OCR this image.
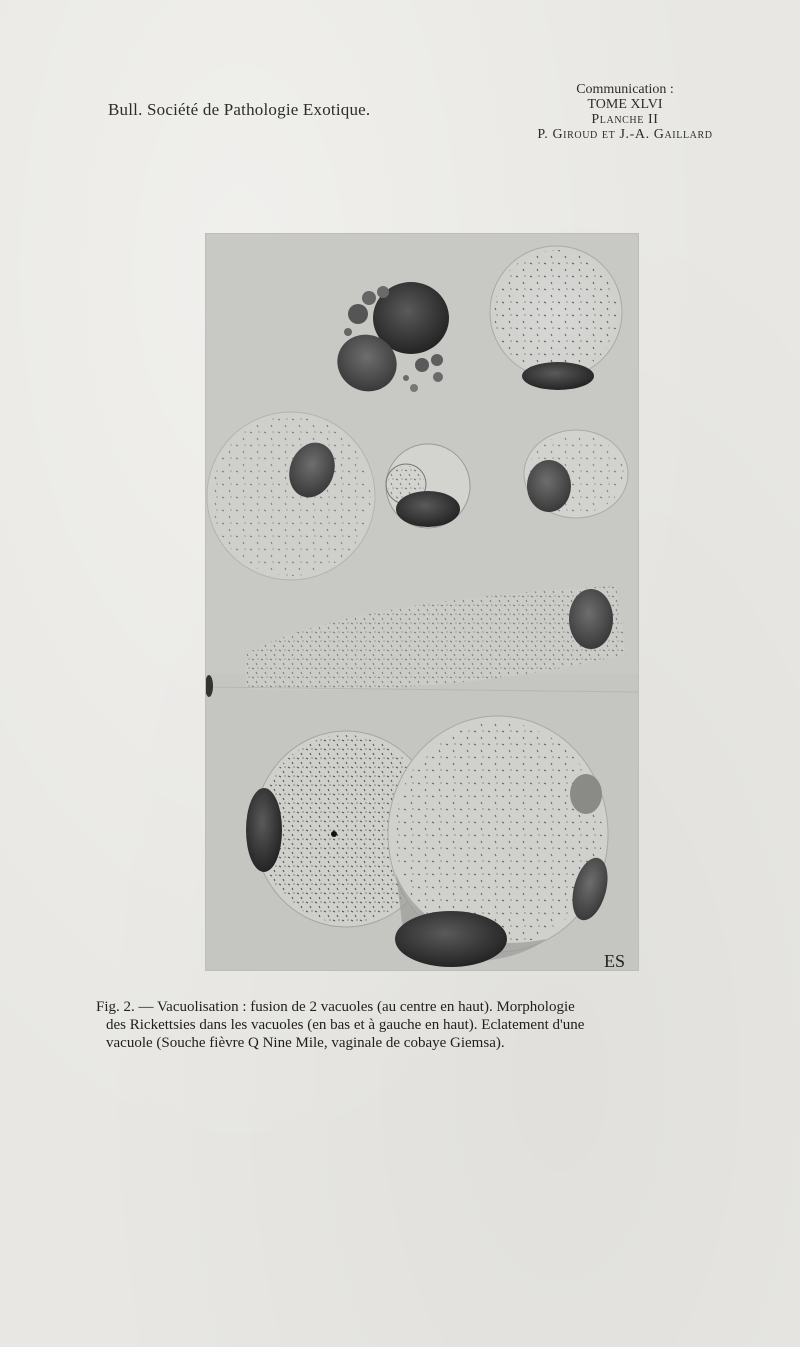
Bull. Société de Pathologie Exotique.
Communication :
TOME XLVI
Planche II
P. Giroud et J.-A. Gaillard
ES
Fig. 2. — Vacuolisation : fusion de 2 vacuoles (au centre en haut). Morphologie
des Rickettsies dans les vacuoles (en bas et à gauche en haut). Eclatement d'une
vacuole (Souche fièvre Q Nine Mile, vaginale de cobaye Giemsa).
